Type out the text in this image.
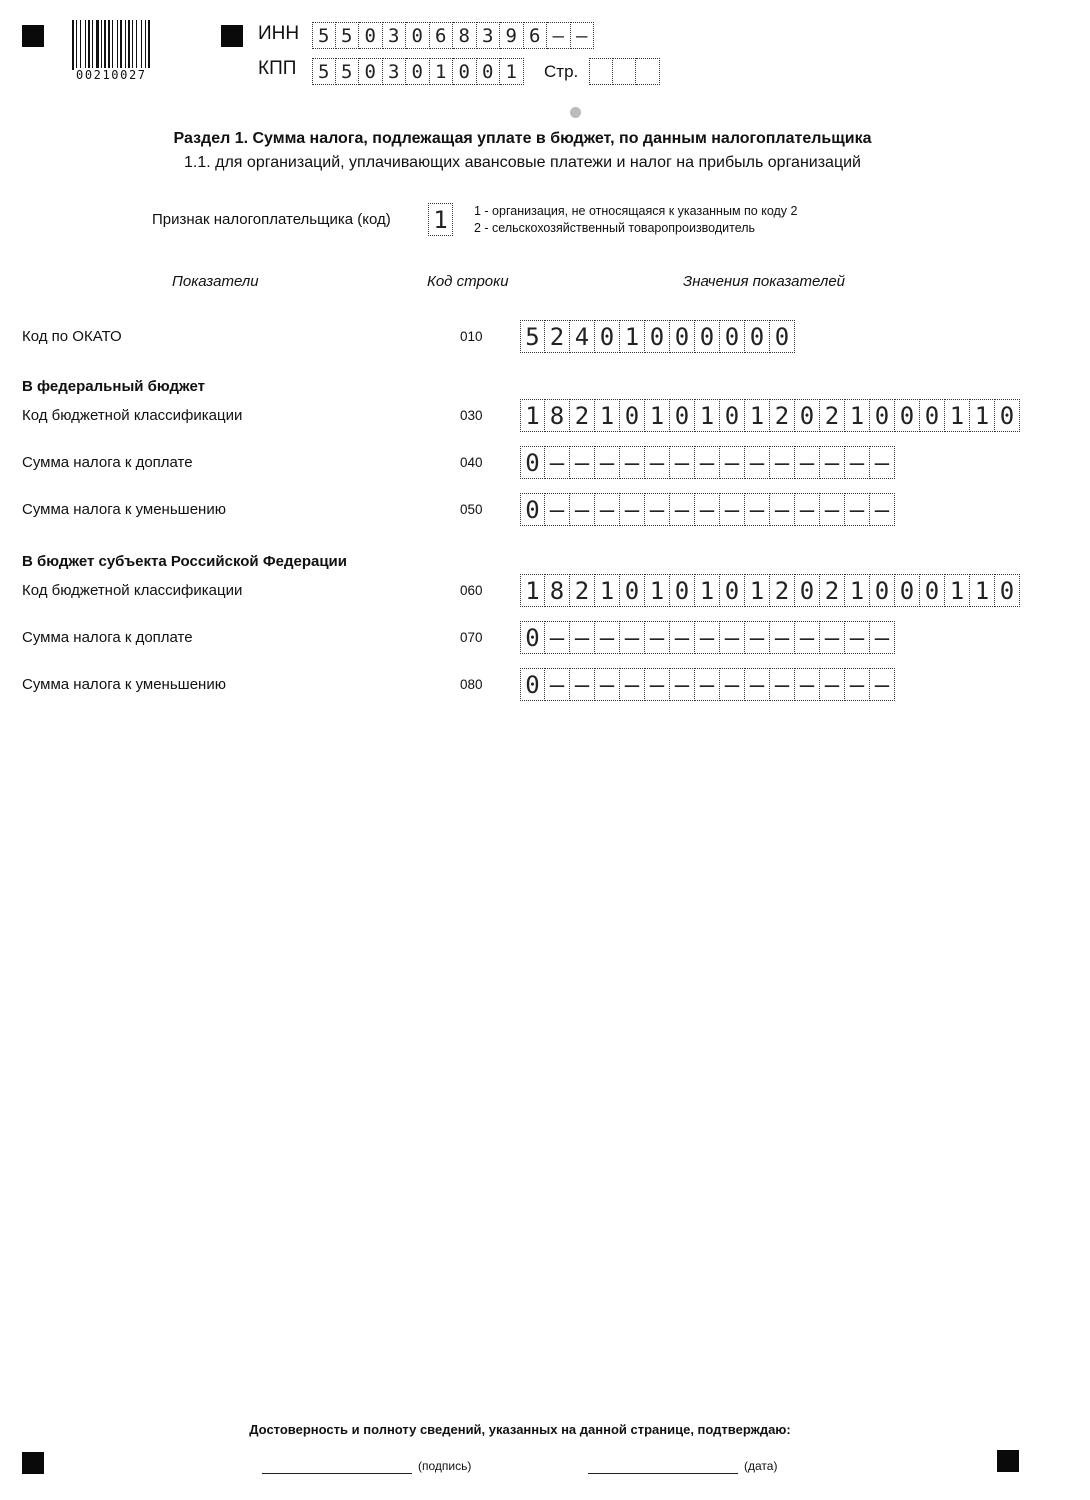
00210027
ИНН 5 5 0 3 0 6 8 3 9 6 – –
КПП	5 5 0 3 0 1 0 0 1	Стр.
Раздел 1. Сумма налога, подлежащая уплате в бюджет, по данным налогоплательщика
1.1. для организаций, уплачивающих авансовые платежи и налог на прибыль организаций
Признак налогоплательщика (код) 1	1 - организация, не относящаяся к указанным по коду 2
2 - сельскохозяйственный товаропроизводитель
Показатели	Код строки	Значения показателей
Код по ОКАТО	010 5 2 4 0 1 0 0 0 0 0 0
В федеральный бюджет
Код бюджетной классификации	030 1 8 2 1 0 1 0 1 0 1 2 0 2 1 0 0 0 1 1 0
Сумма налога к доплате	040 0 – – – – – – – – – – – – – –
Сумма налога к уменьшению	050 0 – – – – – – – – – – – – – –
В бюджет субъекта Российской Федерации
Код бюджетной классификации	060 1 8 2 1 0 1 0 1 0 1 2 0 2 1 0 0 0 1 1 0
Сумма налога к доплате	070 0 – – – – – – – – – – – – – –
Сумма налога к уменьшению	080 0 – – – – – – – – – – – – – –
Достоверность и полноту сведений, указанных на данной странице, подтверждаю:
(подпись)	(дата)
